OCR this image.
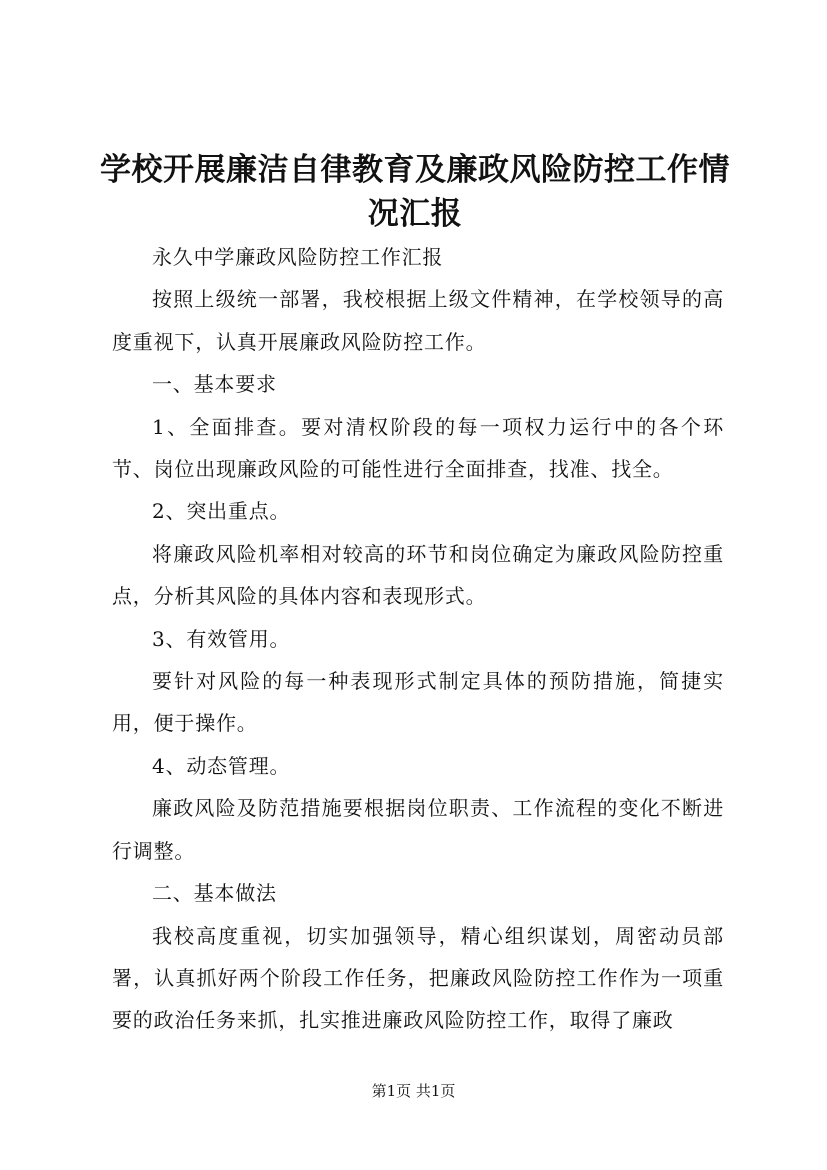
学校开展廉洁自律教育及廉政风险防控工作情况汇报

永久中学廉政风险防控工作汇报

按照上级统一部署，我校根据上级文件精神，在学校领导的高度重视下，认真开展廉政风险防控工作。

一、基本要求

1、全面排查。要对清权阶段的每一项权力运行中的各个环节、岗位出现廉政风险的可能性进行全面排查，找准、找全。

2、突出重点。

将廉政风险机率相对较高的环节和岗位确定为廉政风险防控重点，分析其风险的具体内容和表现形式。

3、有效管用。

要针对风险的每一种表现形式制定具体的预防措施，简捷实用，便于操作。

4、动态管理。

廉政风险及防范措施要根据岗位职责、工作流程的变化不断进行调整。

二、基本做法

我校高度重视，切实加强领导，精心组织谋划，周密动员部署，认真抓好两个阶段工作任务，把廉政风险防控工作作为一项重要的政治任务来抓，扎实推进廉政风险防控工作，取得了廉政

第1页 共1页
